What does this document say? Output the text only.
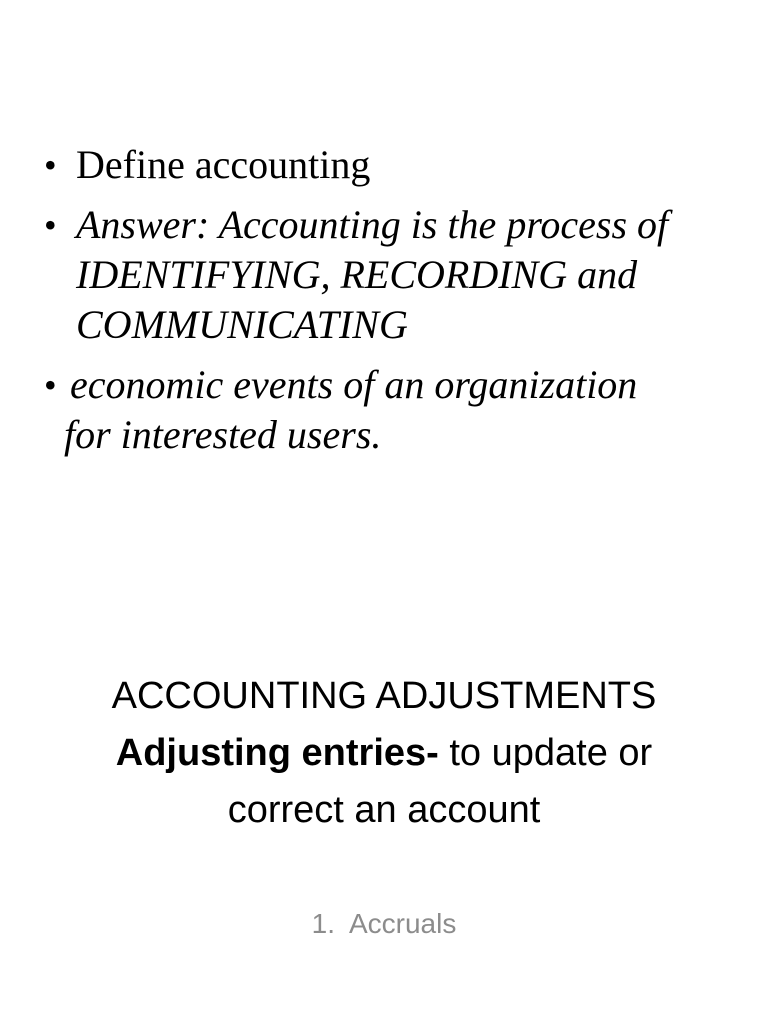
• Define accounting
• Answer: Accounting is the process of IDENTIFYING, RECORDING and COMMUNICATING
• economic events of an organization
for interested users.
ACCOUNTING ADJUSTMENTS
Adjusting entries- to update or
correct an account
1. Accruals
